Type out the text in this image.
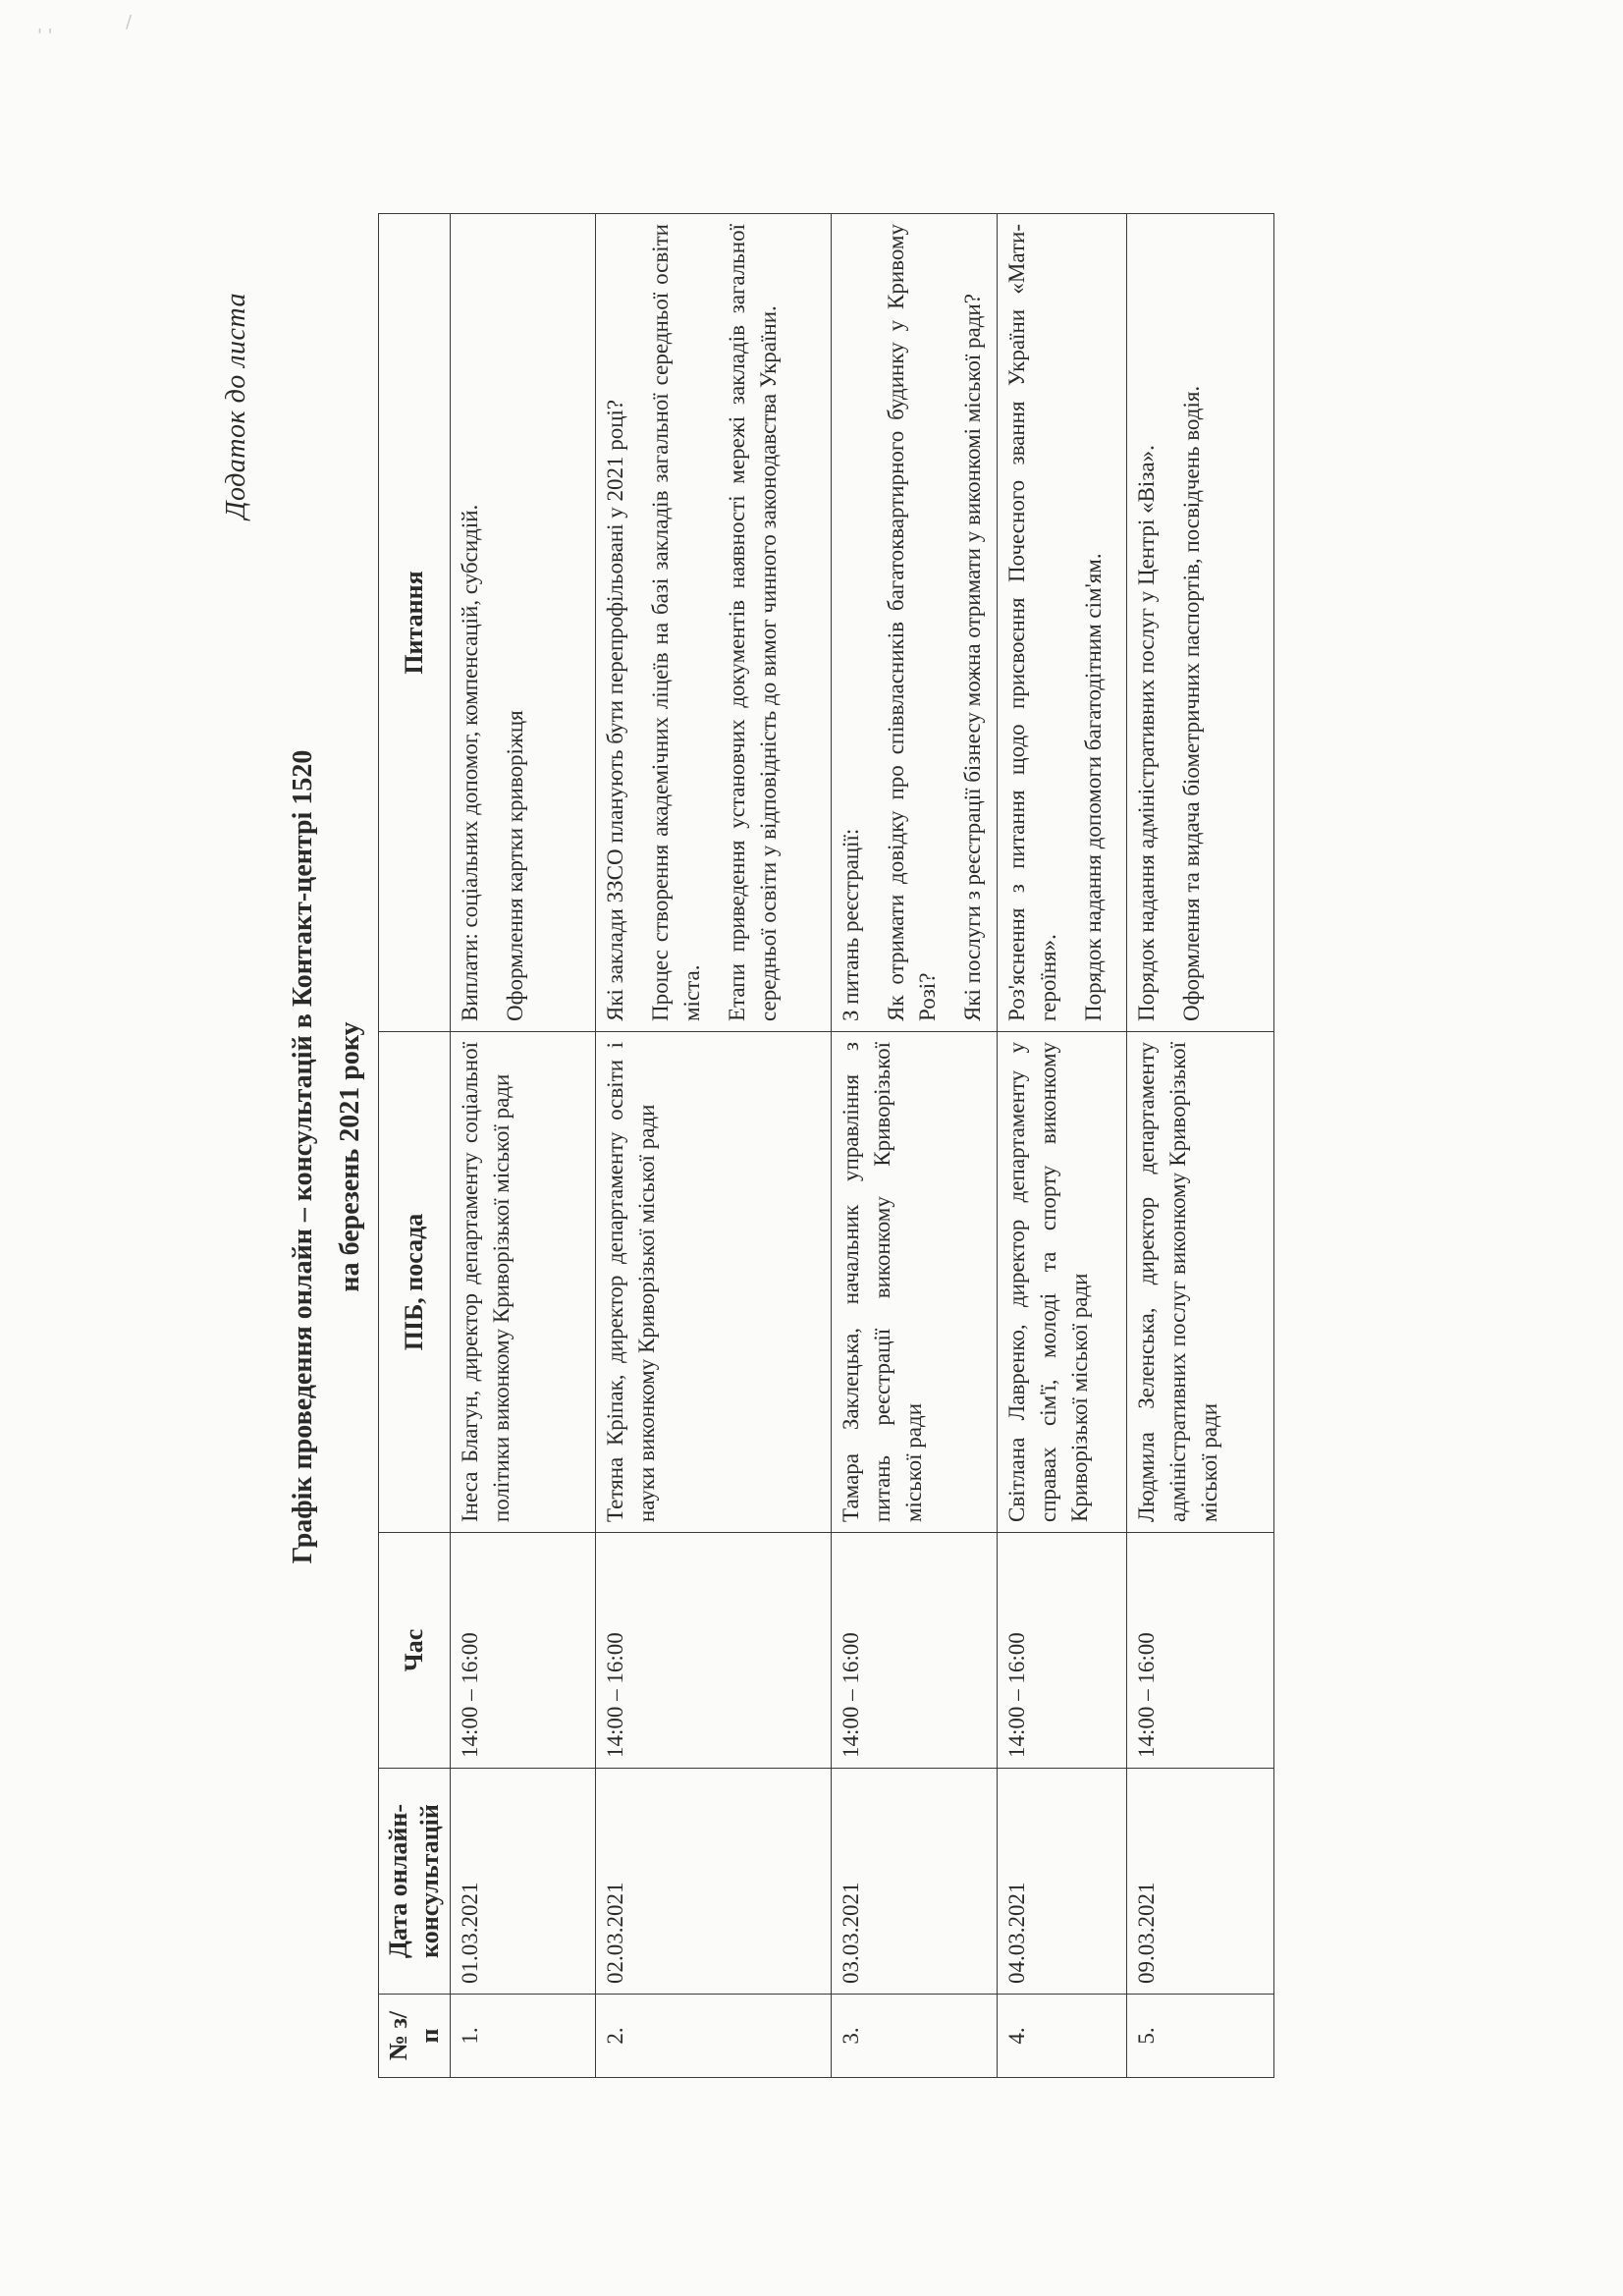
' '
/
Додаток до листа
Графік проведення онлайн – консультацій в Контакт-центрі 1520 на березень 2021 року
№ з/п	Дата онлайн-консультацій	Час	ПІБ, посада	Питання
1.	01.03.2021	14:00 – 16:00	Інеса Благун, директор департаменту соціальної політики виконкому Криворізької міської ради	Виплати: соціальних допомог, компенсацій, субсидій. Оформлення картки криворіжця

2.	02.03.2021	14:00 – 16:00	Тетяна Кріпак, директор департаменту освіти і науки виконкому Криворізької міської ради	Які заклади ЗЗСО планують бути перепрофільовані у 2021 році? Процес створення академічних ліцеїв на базі закладів загальної середньої освіти міста. Етапи приведення установчих документів наявності мережі закладів загальної середньої освіти у відповідність до вимог чинного законодавства України.

3.	03.03.2021	14:00 – 16:00	Тамара Заклецька, начальник управління з питань реєстрації виконкому Криворізької міської ради	З питань реєстрації: Як отримати довідку про співвласників багатоквартирного будинку у Кривому Розі? Які послуги з реєстрації бізнесу можна отримати у виконкомі міської ради?

4.	04.03.2021	14:00 – 16:00	Світлана Лавренко, директор департаменту у справах сім'ї, молоді та спорту виконкому Криворізької міської ради	Роз'яснення з питання щодо присвоєння Почесного звання України «Мати-героїня». Порядок надання допомоги багатодітним сім'ям.

5.	09.03.2021	14:00 – 16:00	Людмила Зеленська, директор департаменту адміністративних послуг виконкому Криворізької міської ради	Порядок надання адміністративних послуг у Центрі «Віза». Оформлення та видача біометричних паспортів, посвідчень водія.
